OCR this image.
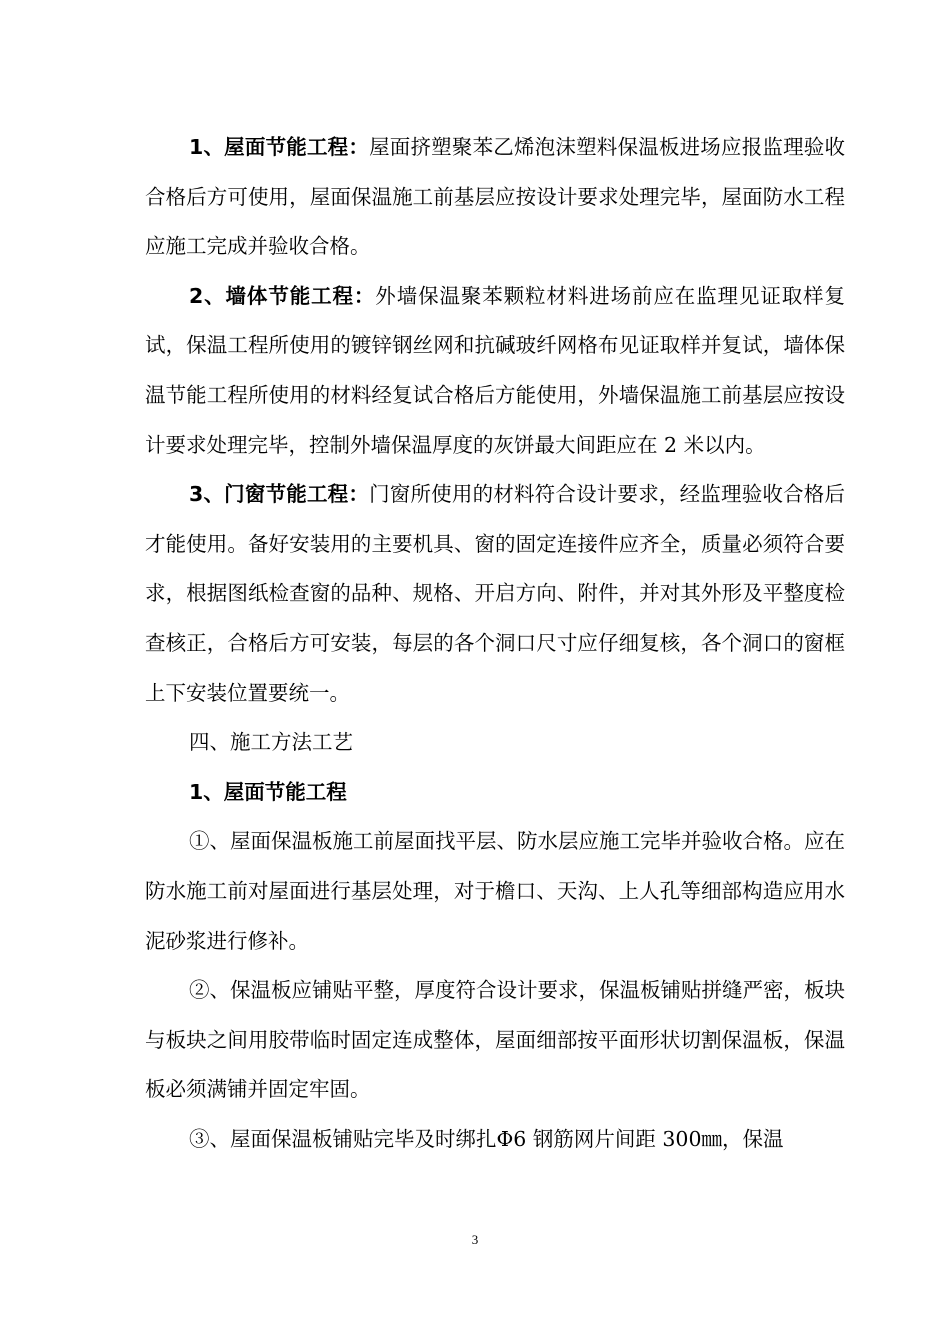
1、屋面节能工程：屋面挤塑聚苯乙烯泡沫塑料保温板进场应报监理验收合格后方可使用，屋面保温施工前基层应按设计要求处理完毕，屋面防水工程应施工完成并验收合格。

2、墙体节能工程：外墙保温聚苯颗粒材料进场前应在监理见证取样复试，保温工程所使用的镀锌钢丝网和抗碱玻纤网格布见证取样并复试，墙体保温节能工程所使用的材料经复试合格后方能使用，外墙保温施工前基层应按设计要求处理完毕，控制外墙保温厚度的灰饼最大间距应在 2 米以内。

3、门窗节能工程：门窗所使用的材料符合设计要求，经监理验收合格后才能使用。备好安装用的主要机具、窗的固定连接件应齐全，质量必须符合要求，根据图纸检查窗的品种、规格、开启方向、附件，并对其外形及平整度检查核正，合格后方可安装，每层的各个洞口尺寸应仔细复核，各个洞口的窗框上下安装位置要统一。

四、施工方法工艺

1、屋面节能工程

①、屋面保温板施工前屋面找平层、防水层应施工完毕并验收合格。应在防水施工前对屋面进行基层处理，对于檐口、天沟、上人孔等细部构造应用水泥砂浆进行修补。

②、保温板应铺贴平整，厚度符合设计要求，保温板铺贴拼缝严密，板块与板块之间用胶带临时固定连成整体，屋面细部按平面形状切割保温板，保温板必须满铺并固定牢固。

③、屋面保温板铺贴完毕及时绑扎Φ6 钢筋网片间距 300㎜，保温

3
